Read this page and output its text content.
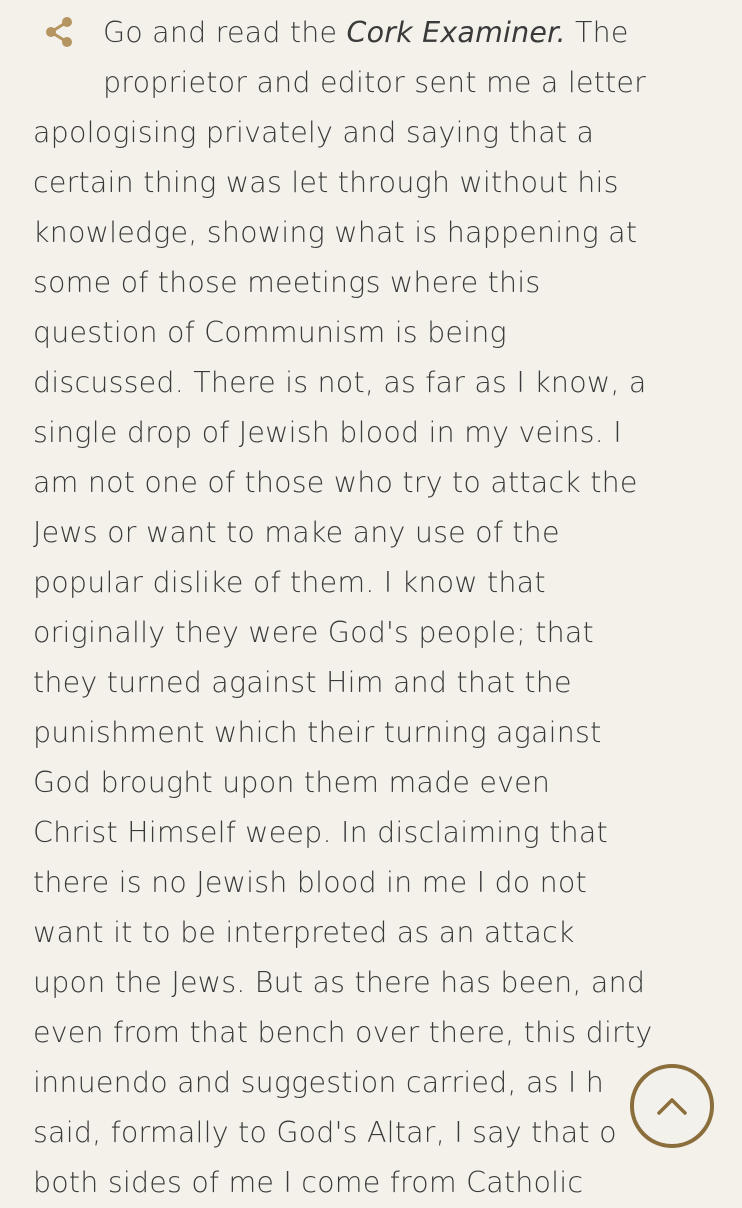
Go and read the Cork Examiner. The
proprietor and editor sent me a letter
apologising privately and saying that a
certain thing was let through without his
knowledge, showing what is happening at
some of those meetings where this
question of Communism is being
discussed. There is not, as far as I know, a
single drop of Jewish blood in my veins. I
am not one of those who try to attack the
Jews or want to make any use of the
popular dislike of them. I know that
originally they were God's people; that
they turned against Him and that the
punishment which their turning against
God brought upon them made even
Christ Himself weep. In disclaiming that
there is no Jewish blood in me I do not
want it to be interpreted as an attack
upon the Jews. But as there has been, and
even from that bench over there, this dirty
innuendo and suggestion carried, as I h
said, formally to God's Altar, I say that o
both sides of me I come from Catholic
